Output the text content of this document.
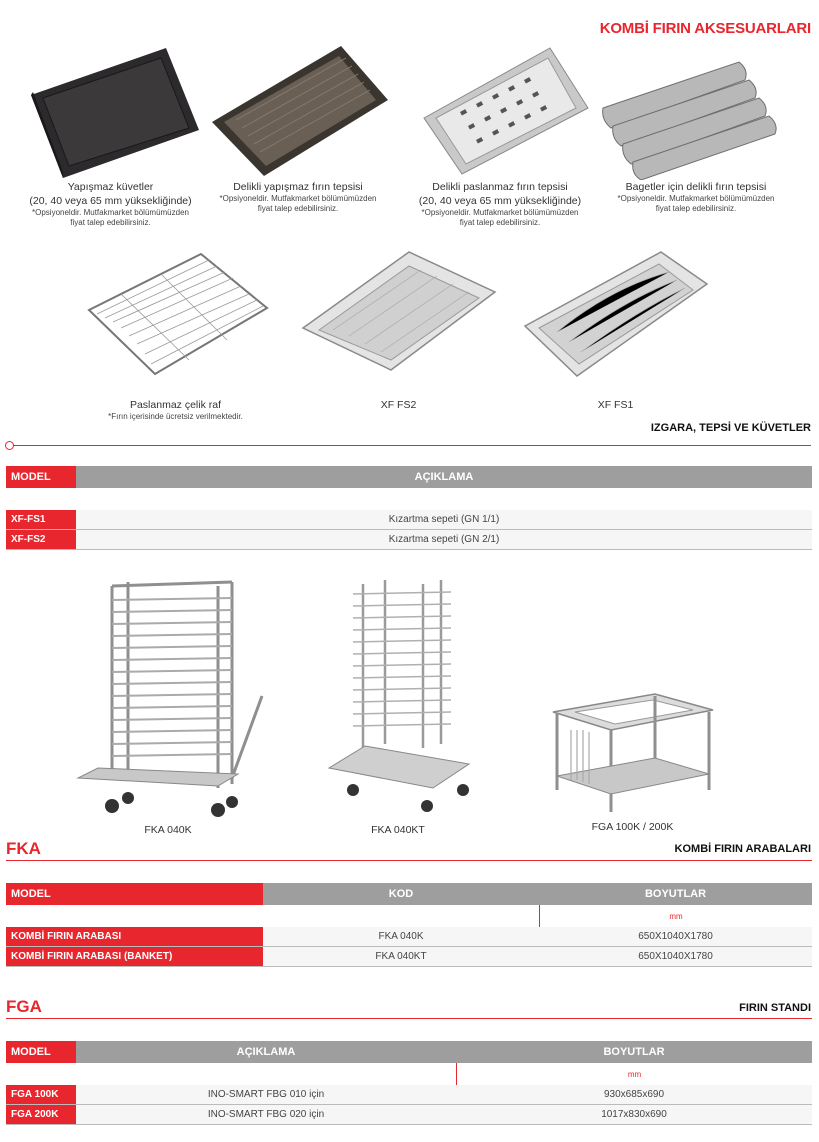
KOMBİ FIRIN AKSESUARLARI
Yapışmaz küvetler
(20, 40 veya 65 mm yüksekliğinde)
*Opsiyoneldir. Mutfakmarket bölümümüzden
fiyat talep edebilirsiniz.
Delikli yapışmaz fırın tepsisi
*Opsiyoneldir. Mutfakmarket bölümümüzden
fiyat talep edebilirsiniz.
Delikli paslanmaz fırın tepsisi
(20, 40 veya 65 mm yüksekliğinde)
*Opsiyoneldir. Mutfakmarket bölümümüzden
fiyat talep edebilirsiniz.
Bagetler için delikli fırın tepsisi
*Opsiyoneldir. Mutfakmarket bölümümüzden
fiyat talep edebilirsiniz.
Paslanmaz çelik raf
*Fırın içerisinde ücretsiz verilmektedir.
XF FS2	XF FS1
IZGARA, TEPSİ VE KÜVETLER
MODEL	AÇIKLAMA

XF-FS1	Kızartma sepeti (GN 1/1)
XF-FS2	Kızartma sepeti (GN 2/1)
FKA 040K	FKA 040KT	FGA 100K / 200K
FKA	KOMBİ FIRIN ARABALARI
MODEL	KOD	BOYUTLAR
		mm
KOMBİ FIRIN ARABASI	FKA 040K	650X1040X1780
KOMBİ FIRIN ARABASI (BANKET)	FKA 040KT	650X1040X1780
FGA	FIRIN STANDI
MODEL	AÇIKLAMA	BOYUTLAR
		mm
FGA 100K	INO-SMART FBG 010 için	930x685x690
FGA 200K	INO-SMART FBG 020 için	1017x830x690
